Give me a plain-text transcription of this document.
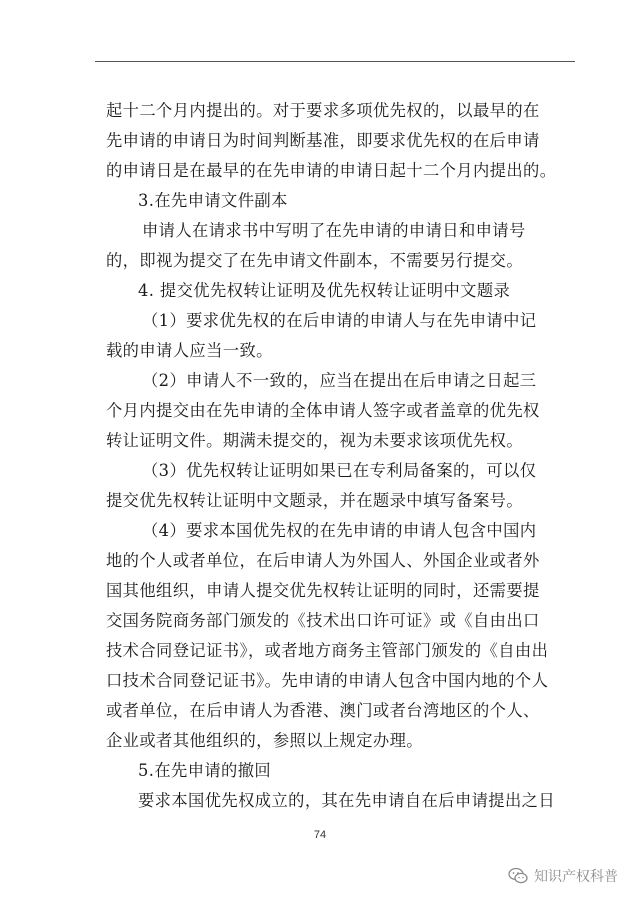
起十二个月内提出的。对于要求多项优先权的，以最早的在
先申请的申请日为时间判断基准，即要求优先权的在后申请
的申请日是在最早的在先申请的申请日起十二个月内提出的。
3.在先申请文件副本
申请人在请求书中写明了在先申请的申请日和申请号
的，即视为提交了在先申请文件副本，不需要另行提交。
4. 提交优先权转让证明及优先权转让证明中文题录
（1）要求优先权的在后申请的申请人与在先申请中记
载的申请人应当一致。
（2）申请人不一致的，应当在提出在后申请之日起三
个月内提交由在先申请的全体申请人签字或者盖章的优先权
转让证明文件。期满未提交的，视为未要求该项优先权。
（3）优先权转让证明如果已在专利局备案的，可以仅
提交优先权转让证明中文题录，并在题录中填写备案号。
（4）要求本国优先权的在先申请的申请人包含中国内
地的个人或者单位，在后申请人为外国人、外国企业或者外
国其他组织，申请人提交优先权转让证明的同时，还需要提
交国务院商务部门颁发的《技术出口许可证》或《自由出口
技术合同登记证书》，或者地方商务主管部门颁发的《自由出
口技术合同登记证书》。先申请的申请人包含中国内地的个人
或者单位，在后申请人为香港、澳门或者台湾地区的个人、
企业或者其他组织的，参照以上规定办理。
5.在先申请的撤回
要求本国优先权成立的，其在先申请自在后申请提出之日
74
知识产权科普
